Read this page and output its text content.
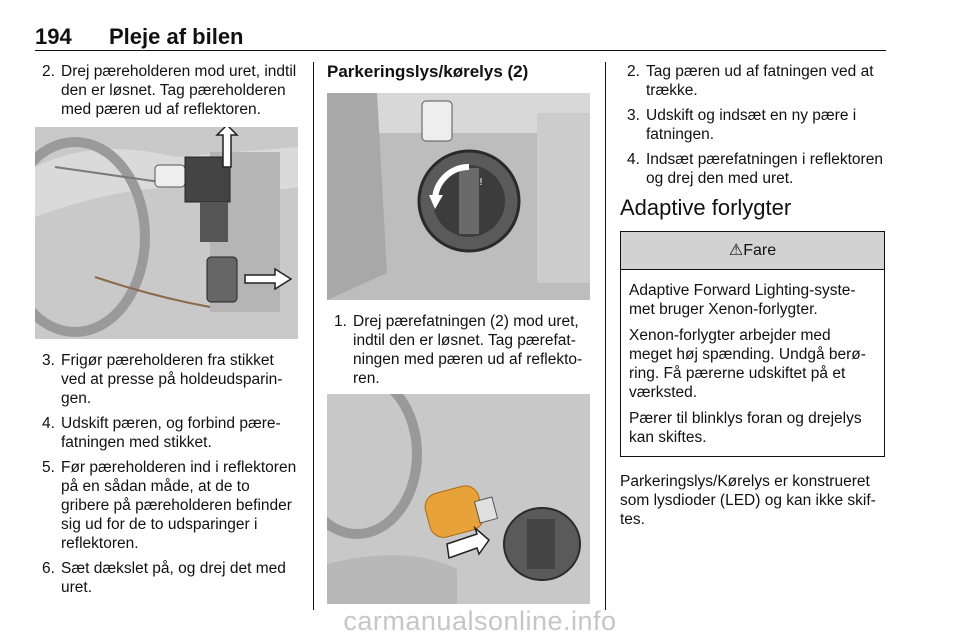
194 Pleje af bilen
2. Drej pæreholderen mod uret, indtil den er løsnet. Tag pæreholderen med pæren ud af reflektoren.
3. Frigør pæreholderen fra stikket ved at presse på holdeudsparingen.
4. Udskift pæren, og forbind pærefatningen med stikket.
5. Før pæreholderen ind i reflektoren på en sådan måde, at de to gribere på pæreholderen befinder sig ud for de to udsparinger i reflektoren.
6. Sæt dækslet på, og drej det med uret.
Parkeringslys/kørelys (2)
!
1. Drej pærefatningen (2) mod uret, indtil den er løsnet. Tag pærefatningen med pæren ud af reflektoren.
2. Tag pæren ud af fatningen ved at trække.
3. Udskift og indsæt en ny pære i fatningen.
4. Indsæt pærefatningen i reflektoren og drej den med uret.
Adaptive forlygter
⚠ Fare

Adaptive Forward Lighting-systemet bruger Xenon-forlygter.

Xenon-forlygter arbejder med meget høj spænding. Undgå berøring. Få pærerne udskiftet på et værksted.

Pærer til blinklys foran og drejelys kan skiftes.

Parkeringslys/Kørelys er konstrueret som lysdioder (LED) og kan ikke skiftes.

carmanualsonline.info
